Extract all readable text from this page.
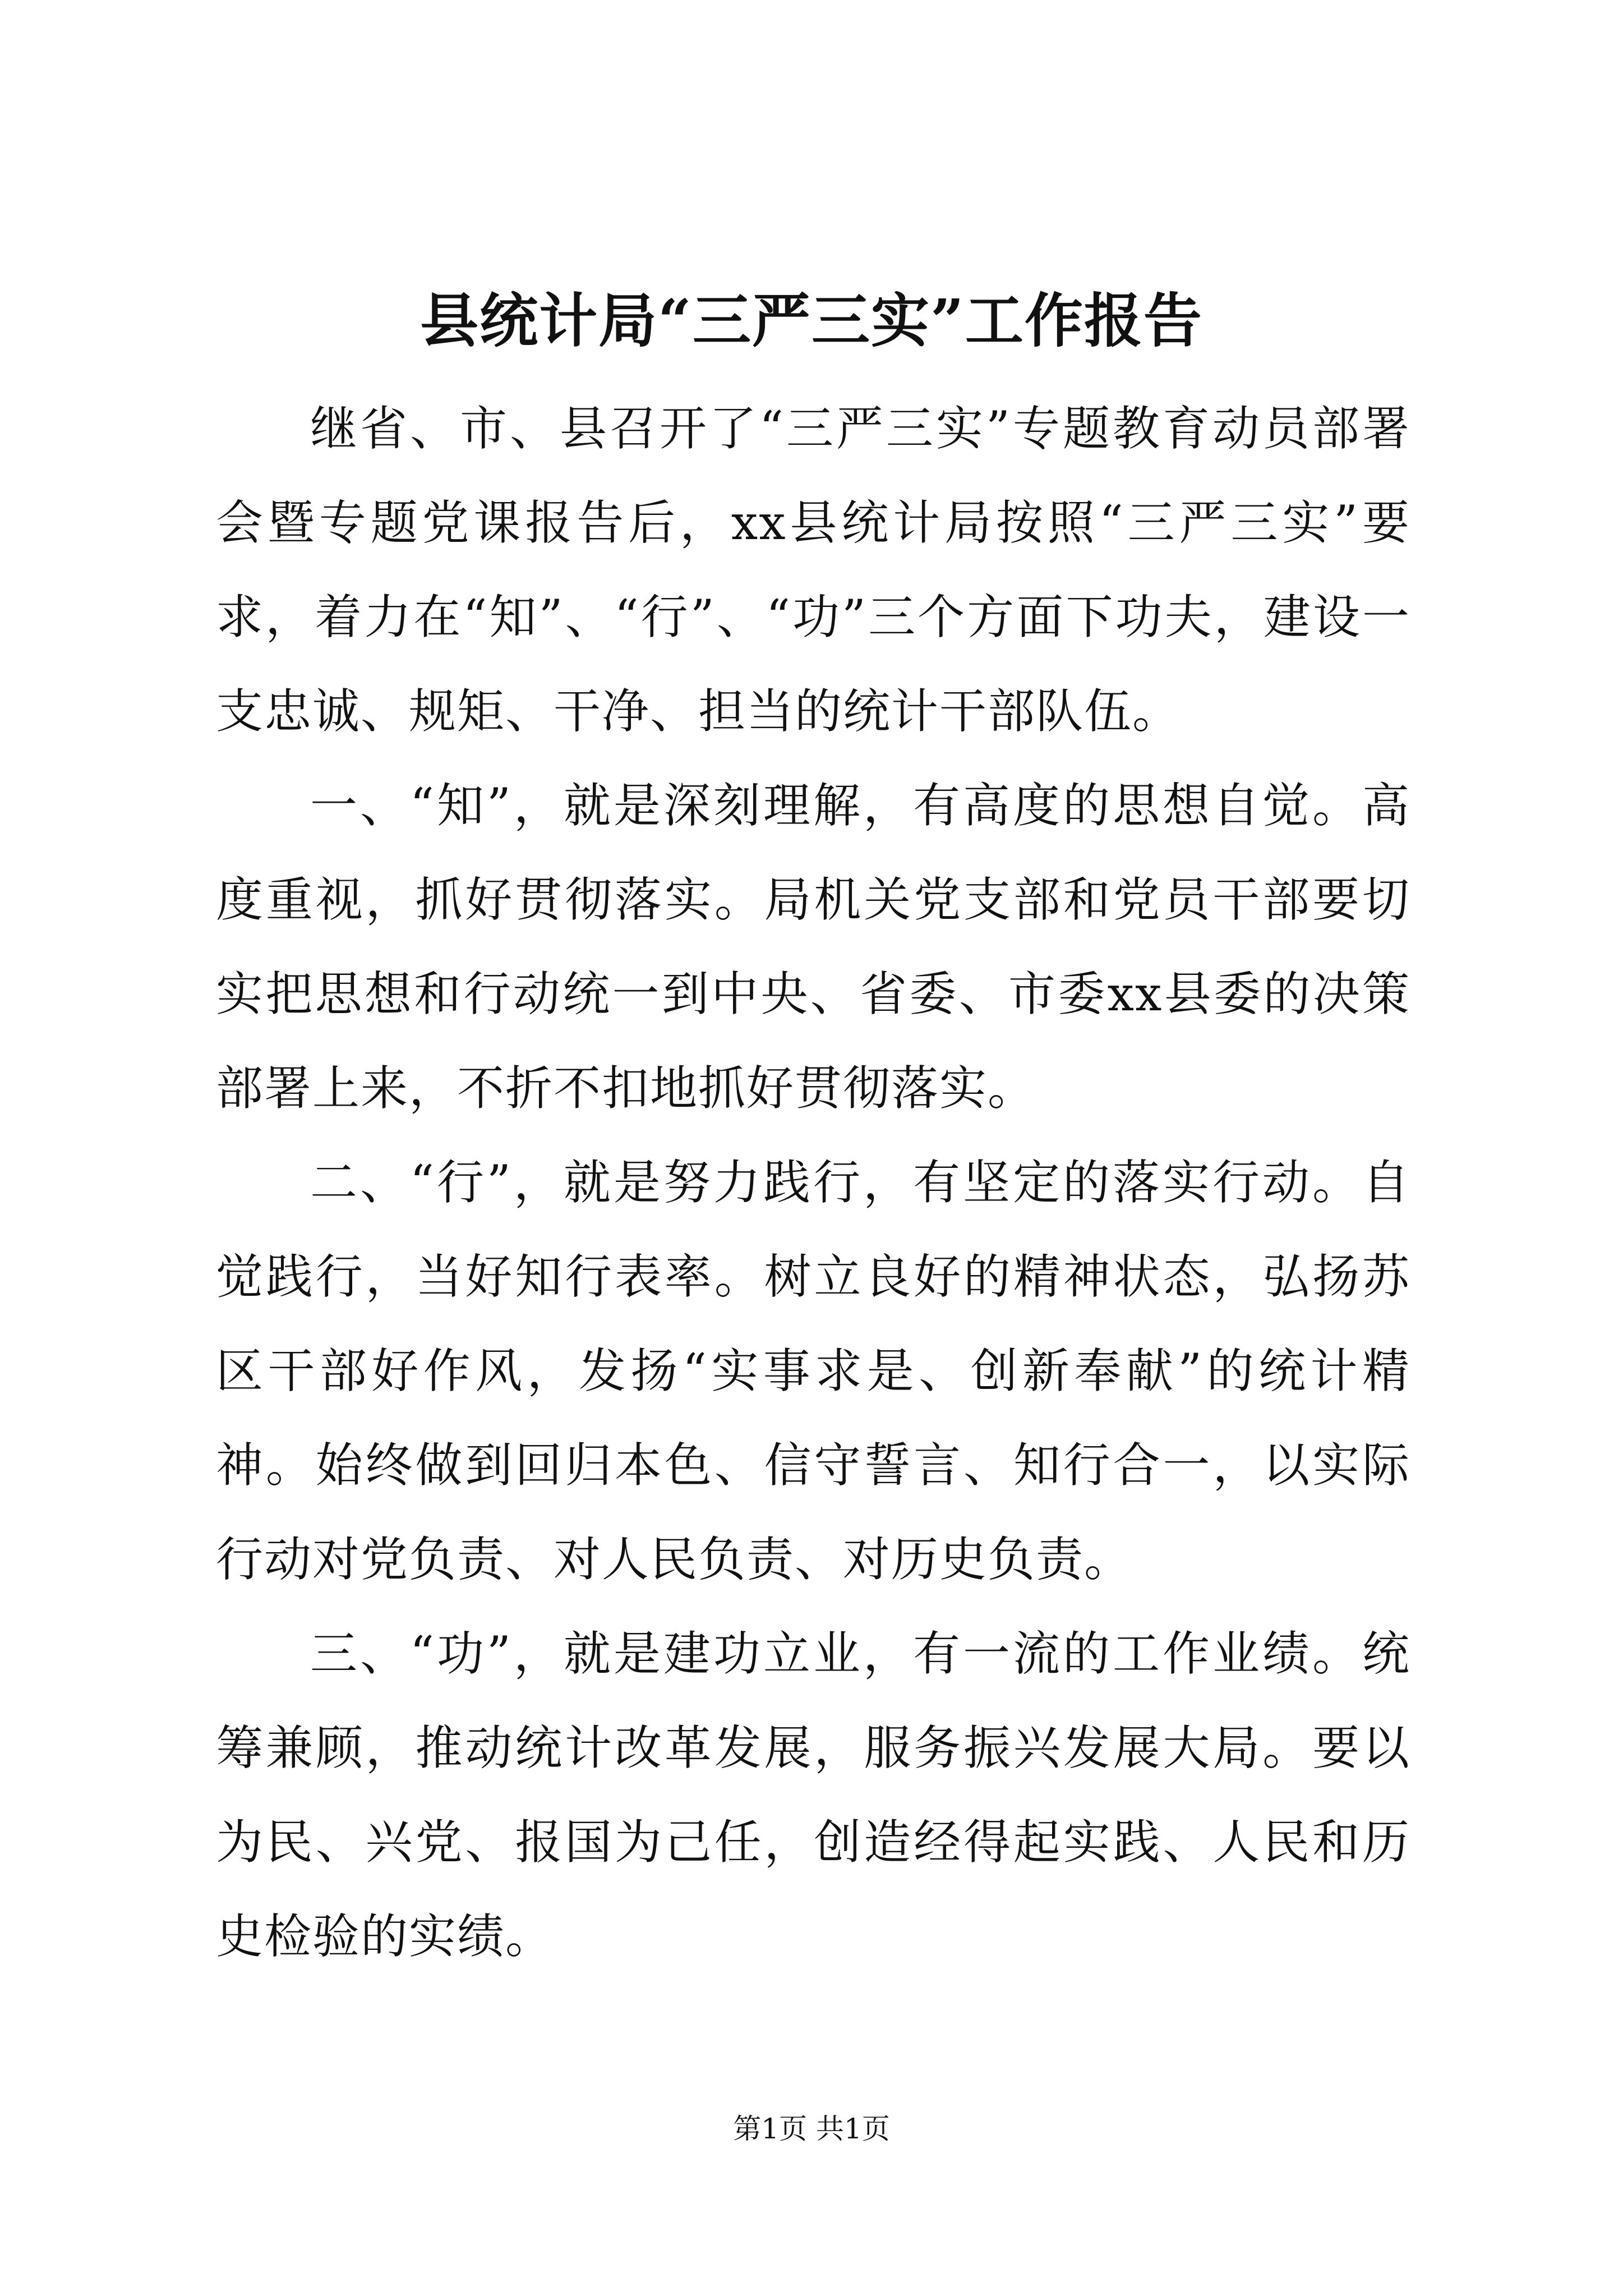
县统计局“三严三实”工作报告

继省、市、县召开了“三严三实”专题教育动员部署会暨专题党课报告后，xx县统计局按照“三严三实”要求，着力在“知”、“行”、“功”三个方面下功夫，建设一支忠诚、规矩、干净、担当的统计干部队伍。

一、“知”，就是深刻理解，有高度的思想自觉。高度重视，抓好贯彻落实。局机关党支部和党员干部要切实把思想和行动统一到中央、省委、市委xx县委的决策部署上来，不折不扣地抓好贯彻落实。

二、“行”，就是努力践行，有坚定的落实行动。自觉践行，当好知行表率。树立良好的精神状态，弘扬苏区干部好作风，发扬“实事求是、创新奉献”的统计精神。始终做到回归本色、信守誓言、知行合一，以实际行动对党负责、对人民负责、对历史负责。

三、“功”，就是建功立业，有一流的工作业绩。统筹兼顾，推动统计改革发展，服务振兴发展大局。要以为民、兴党、报国为己任，创造经得起实践、人民和历史检验的实绩。

第1页 共1页
